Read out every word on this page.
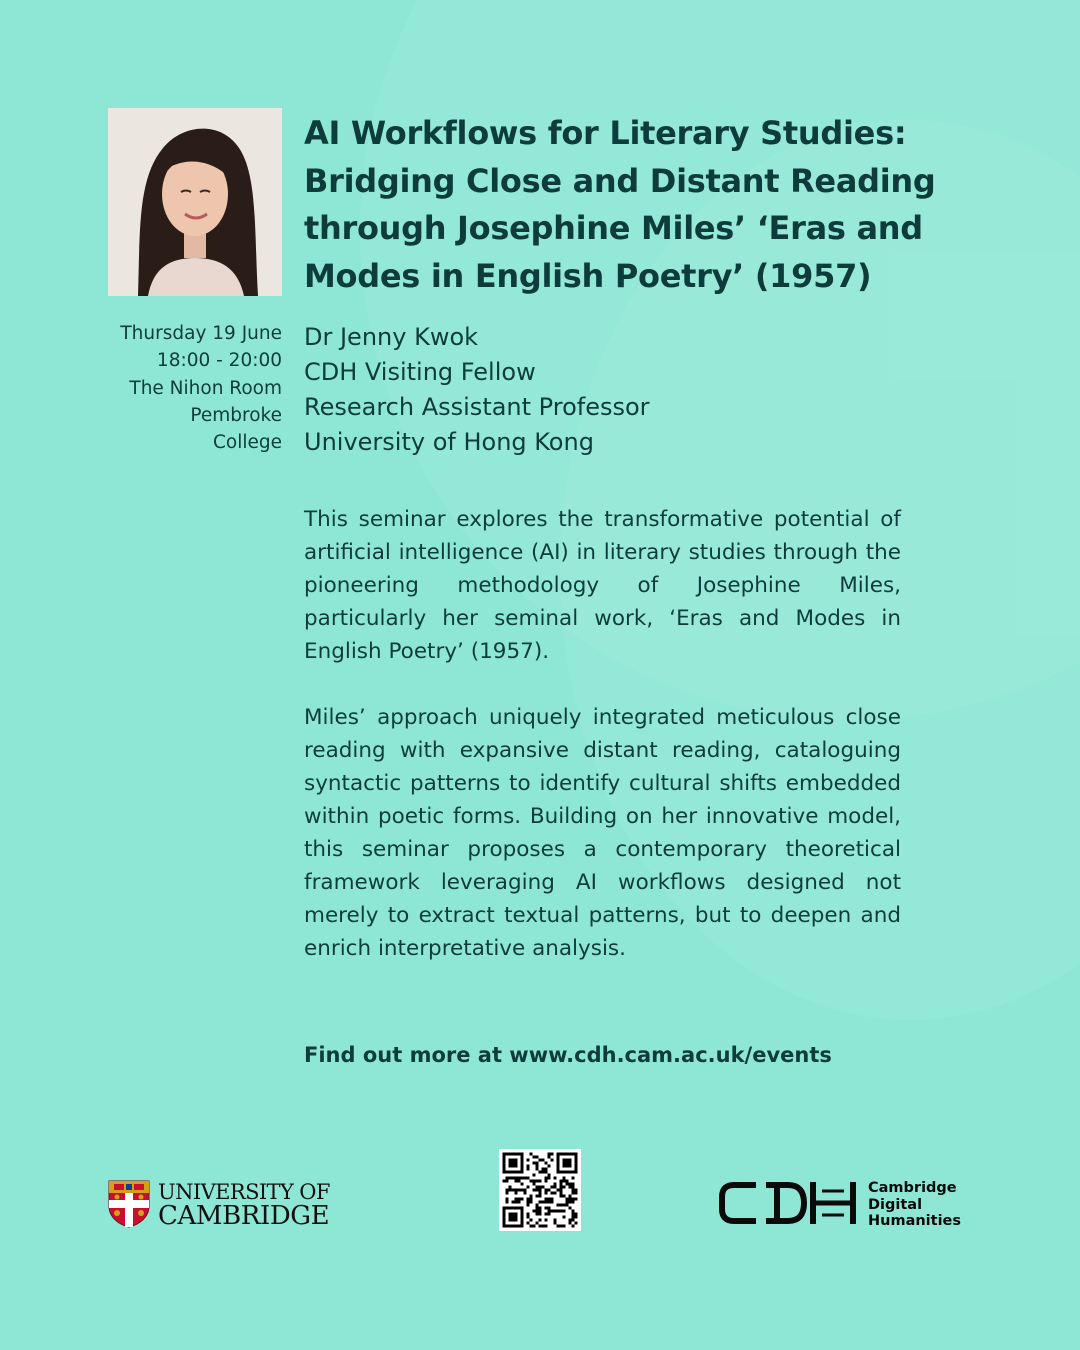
AI Workflows for Literary Studies: Bridging Close and Distant Reading through Josephine Miles’ ‘Eras and Modes in English Poetry’ (1957)
Thursday 19 June
18:00 - 20:00
The Nihon Room
Pembroke
College
Dr Jenny Kwok
CDH Visiting Fellow
Research Assistant Professor
University of Hong Kong

This seminar explores the transformative potential of artificial intelligence (AI) in literary studies through the pioneering methodology of Josephine Miles, particularly her seminal work, ‘Eras and Modes in English Poetry’ (1957).

Miles’ approach uniquely integrated meticulous close reading with expansive distant reading, cataloguing syntactic patterns to identify cultural shifts embedded within poetic forms. Building on her innovative model, this seminar proposes a contemporary theoretical framework leveraging AI workflows designed not merely to extract textual patterns, but to deepen and enrich interpretative analysis.

Find out more at www.cdh.cam.ac.uk/events
UNIVERSITY OF
CAMBRIDGE
Cambridge
Digital
Humanities
